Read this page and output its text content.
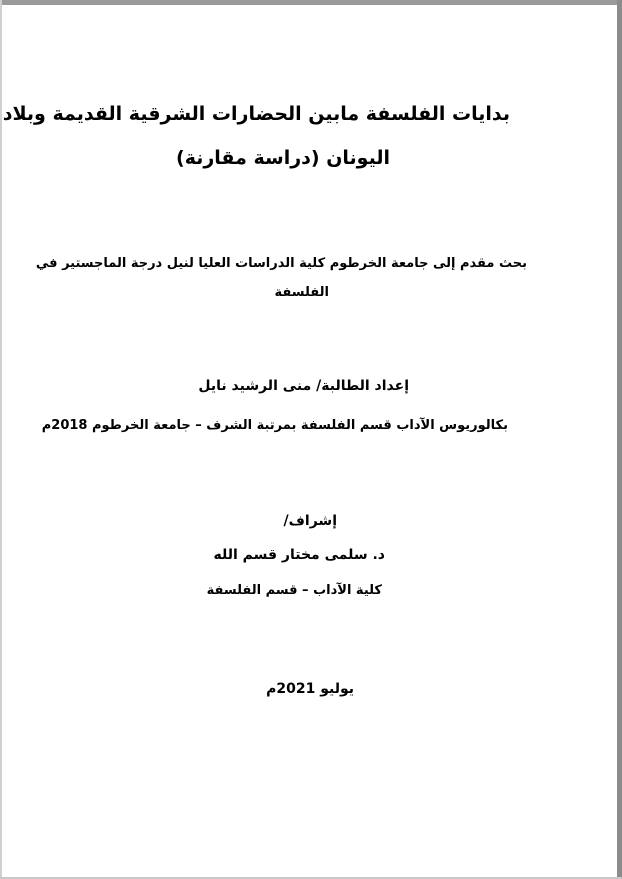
بدايات الفلسفة مابين الحضارات الشرقية القديمة وبلاد
اليونان (دراسة مقارنة)
بحث مقدم إلى جامعة الخرطوم كلية الدراسات العليا لنيل درجة الماجستير في
الفلسفة
إعداد الطالبة/ منى الرشيد نايل
بكالوريوس الآداب قسم الفلسفة بمرتبة الشرف – جامعة الخرطوم 2018م
إشراف/
د. سلمى مختار قسم الله
كلية الآداب – قسم الفلسفة
يوليو 2021م
